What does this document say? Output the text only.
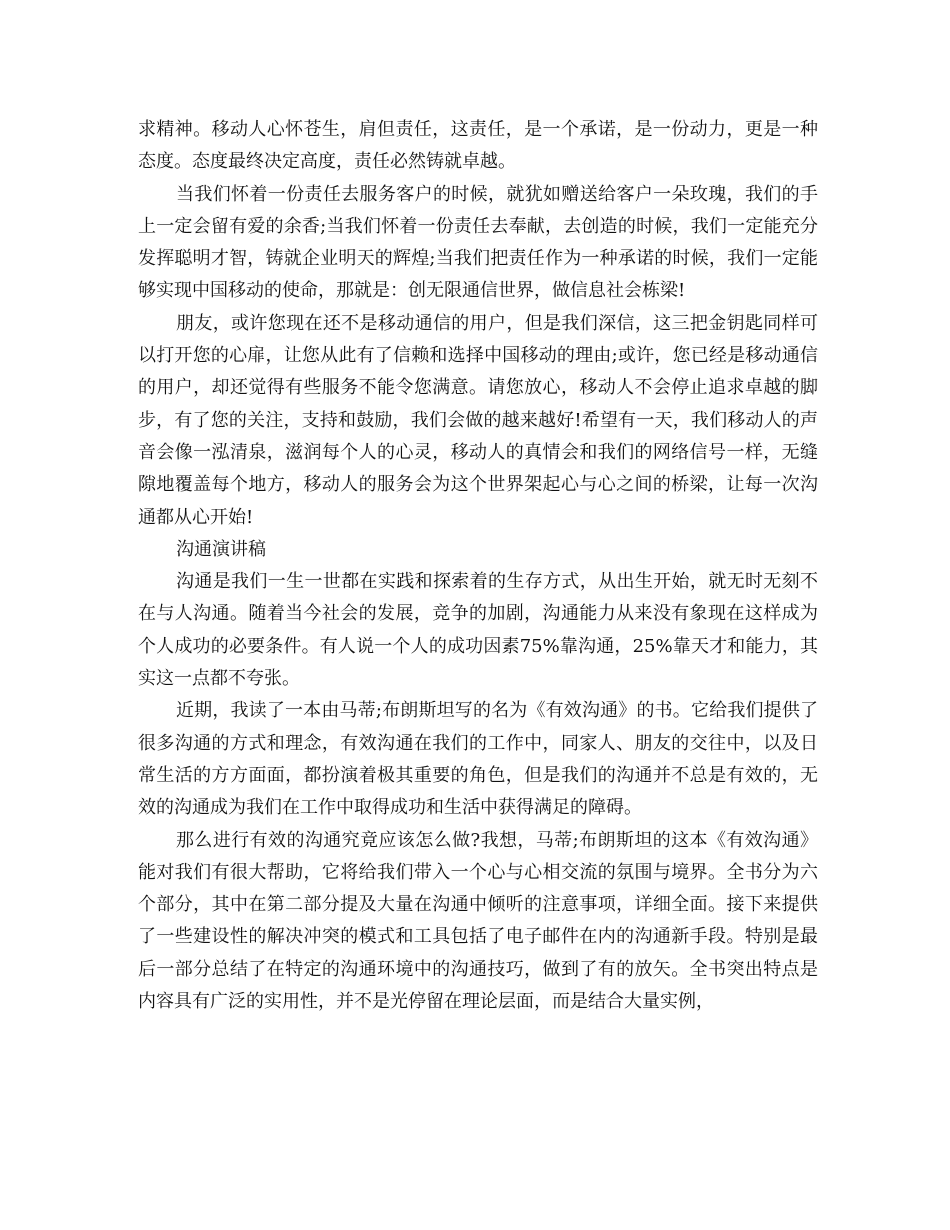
求精神。移动人心怀苍生，肩但责任，这责任，是一个承诺，是一份动力，更是一种态度。态度最终决定高度，责任必然铸就卓越。

当我们怀着一份责任去服务客户的时候，就犹如赠送给客户一朵玫瑰，我们的手上一定会留有爱的余香;当我们怀着一份责任去奉献，去创造的时候，我们一定能充分发挥聪明才智，铸就企业明天的辉煌;当我们把责任作为一种承诺的时候，我们一定能够实现中国移动的使命，那就是：创无限通信世界，做信息社会栋梁!

朋友，或许您现在还不是移动通信的用户，但是我们深信，这三把金钥匙同样可以打开您的心扉，让您从此有了信赖和选择中国移动的理由;或许，您已经是移动通信的用户，却还觉得有些服务不能令您满意。请您放心，移动人不会停止追求卓越的脚步，有了您的关注，支持和鼓励，我们会做的越来越好!希望有一天，我们移动人的声音会像一泓清泉，滋润每个人的心灵，移动人的真情会和我们的网络信号一样，无缝隙地覆盖每个地方，移动人的服务会为这个世界架起心与心之间的桥梁，让每一次沟通都从心开始!

沟通演讲稿

沟通是我们一生一世都在实践和探索着的生存方式，从出生开始，就无时无刻不在与人沟通。随着当今社会的发展，竞争的加剧，沟通能力从来没有象现在这样成为个人成功的必要条件。有人说一个人的成功因素75%靠沟通，25%靠天才和能力，其实这一点都不夸张。

近期，我读了一本由马蒂;布朗斯坦写的名为《有效沟通》的书。它给我们提供了很多沟通的方式和理念，有效沟通在我们的工作中，同家人、朋友的交往中，以及日常生活的方方面面，都扮演着极其重要的角色，但是我们的沟通并不总是有效的，无效的沟通成为我们在工作中取得成功和生活中获得满足的障碍。

那么进行有效的沟通究竟应该怎么做?我想，马蒂;布朗斯坦的这本《有效沟通》能对我们有很大帮助，它将给我们带入一个心与心相交流的氛围与境界。全书分为六个部分，其中在第二部分提及大量在沟通中倾听的注意事项，详细全面。接下来提供了一些建设性的解决冲突的模式和工具包括了电子邮件在内的沟通新手段。特别是最后一部分总结了在特定的沟通环境中的沟通技巧，做到了有的放矢。全书突出特点是内容具有广泛的实用性，并不是光停留在理论层面，而是结合大量实例，
